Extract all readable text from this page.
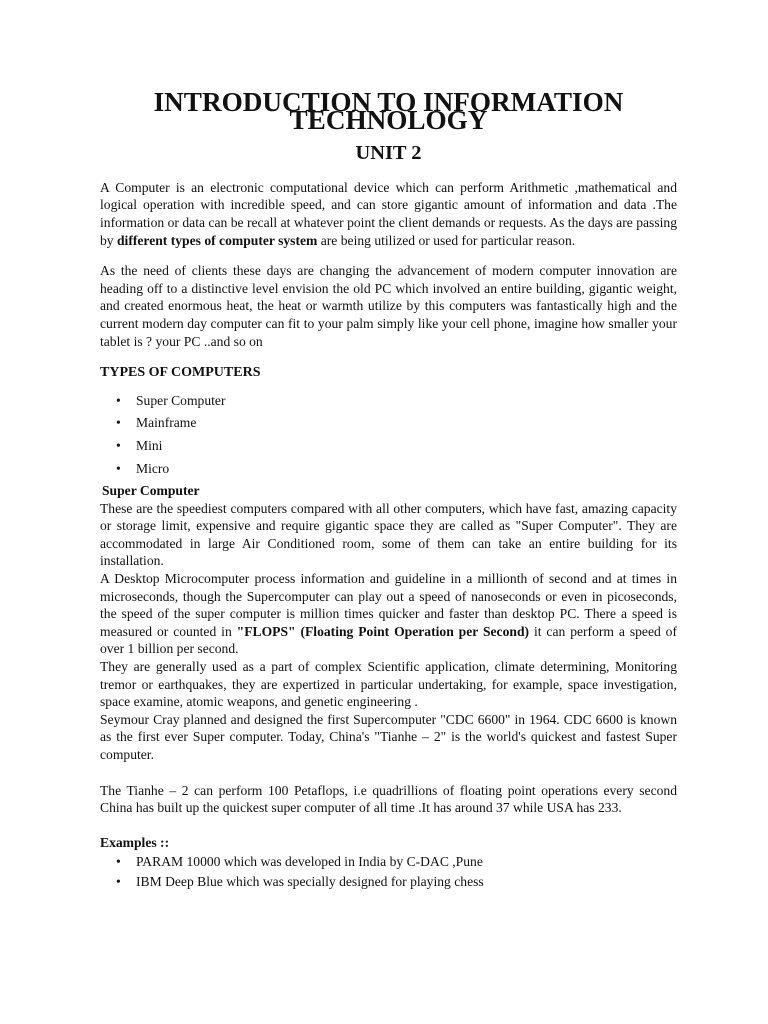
INTRODUCTION TO INFORMATION TECHNOLOGY
UNIT 2

A Computer is an electronic computational device which can perform Arithmetic ,mathematical and logical operation with incredible speed, and can store gigantic amount of information and data .The information or data can be recall at whatever point the client demands or requests. As the days are passing by different types of computer system are being utilized or used for particular reason.

As the need of clients these days are changing the advancement of modern computer innovation are heading off to a distinctive level envision the old PC which involved an entire building, gigantic weight, and created enormous heat, the heat or warmth utilize by this computers was fantastically high and the current modern day computer can fit to your palm simply like your cell phone, imagine how smaller your tablet is ? your PC ..and so on

TYPES OF COMPUTERS
• Super Computer
• Mainframe
• Mini
• Micro
Super Computer

These are the speediest computers compared with all other computers, which have fast, amazing capacity or storage limit, expensive and require gigantic space they are called as "Super Computer". They are accommodated in large Air Conditioned room, some of them can take an entire building for its installation.

A Desktop Microcomputer process information and guideline in a millionth of second and at times in microseconds, though the Supercomputer can play out a speed of nanoseconds or even in picoseconds, the speed of the super computer is million times quicker and faster than desktop PC. There a speed is measured or counted in "FLOPS" (Floating Point Operation per Second) it can perform a speed of over 1 billion per second.

They are generally used as a part of complex Scientific application, climate determining, Monitoring tremor or earthquakes, they are expertized in particular undertaking, for example, space investigation, space examine, atomic weapons, and genetic engineering .

Seymour Cray planned and designed the first Supercomputer "CDC 6600" in 1964. CDC 6600 is known as the first ever Super computer. Today, China's "Tianhe – 2" is the world's quickest and fastest Super computer.

The Tianhe – 2 can perform 100 Petaflops, i.e quadrillions of floating point operations every second China has built up the quickest super computer of all time .It has around 37 while USA has 233.

Examples ::
• PARAM 10000 which was developed in India by C-DAC ,Pune
• IBM Deep Blue which was specially designed for playing chess
